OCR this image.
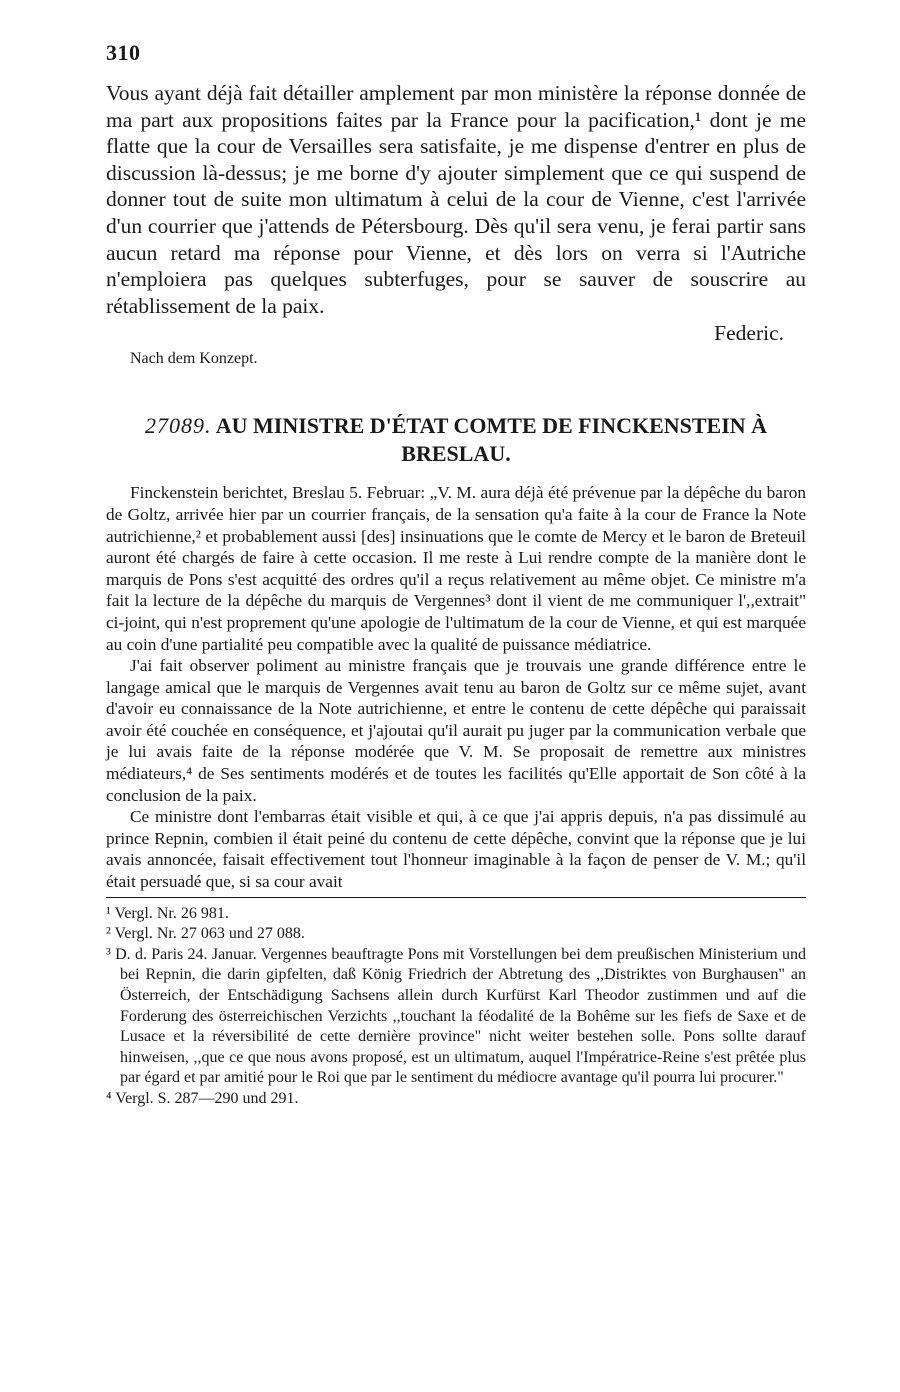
310

Vous ayant déjà fait détailler amplement par mon ministère la réponse donnée de ma part aux propositions faites par la France pour la pacification,¹ dont je me flatte que la cour de Versailles sera satisfaite, je me dispense d'entrer en plus de discussion là-dessus; je me borne d'y ajouter simplement que ce qui suspend de donner tout de suite mon ultimatum à celui de la cour de Vienne, c'est l'arrivée d'un courrier que j'attends de Pétersbourg. Dès qu'il sera venu, je ferai partir sans aucun retard ma réponse pour Vienne, et dès lors on verra si l'Autriche n'emploiera pas quelques subterfuges, pour se sauver de souscrire au rétablissement de la paix.

Federic.
Nach dem Konzept.
27089. AU MINISTRE D'ÉTAT COMTE DE FINCKENSTEIN À
BRESLAU.

Finckenstein berichtet, Breslau 5. Februar: „V. M. aura déjà été prévenue par la dépêche du baron de Goltz, arrivée hier par un courrier français, de la sensation qu'a faite à la cour de France la Note autrichienne,² et probablement aussi [des] insinuations que le comte de Mercy et le baron de Breteuil auront été chargés de faire à cette occasion. Il me reste à Lui rendre compte de la manière dont le marquis de Pons s'est acquitté des ordres qu'il a reçus relativement au même objet. Ce ministre m'a fait la lecture de la dépêche du marquis de Vergennes³ dont il vient de me communiquer l',,extrait" ci-joint, qui n'est proprement qu'une apologie de l'ultimatum de la cour de Vienne, et qui est marquée au coin d'une partialité peu compatible avec la qualité de puissance médiatrice.

J'ai fait observer poliment au ministre français que je trouvais une grande différence entre le langage amical que le marquis de Vergennes avait tenu au baron de Goltz sur ce même sujet, avant d'avoir eu connaissance de la Note autrichienne, et entre le contenu de cette dépêche qui paraissait avoir été couchée en conséquence, et j'ajoutai qu'il aurait pu juger par la communication verbale que je lui avais faite de la réponse modérée que V. M. Se proposait de remettre aux ministres médiateurs,⁴ de Ses sentiments modérés et de toutes les facilités qu'Elle apportait de Son côté à la conclusion de la paix.

Ce ministre dont l'embarras était visible et qui, à ce que j'ai appris depuis, n'a pas dissimulé au prince Repnin, combien il était peiné du contenu de cette dépêche, convint que la réponse que je lui avais annoncée, faisait effectivement tout l'honneur imaginable à la façon de penser de V. M.; qu'il était persuadé que, si sa cour avait

¹ Vergl. Nr. 26 981.

² Vergl. Nr. 27 063 und 27 088.

³ D. d. Paris 24. Januar. Vergennes beauftragte Pons mit Vorstellungen bei dem preußischen Ministerium und bei Repnin, die darin gipfelten, daß König Friedrich der Abtretung des ,,Distriktes von Burghausen" an Österreich, der Entschädigung Sachsens allein durch Kurfürst Karl Theodor zustimmen und auf die Forderung des österreichischen Verzichts ,,touchant la féodalité de la Bohême sur les fiefs de Saxe et de Lusace et la réversibilité de cette dernière province" nicht weiter bestehen solle. Pons sollte darauf hinweisen, ,,que ce que nous avons proposé, est un ultimatum, auquel l'Impératrice-Reine s'est prêtée plus par égard et par amitié pour le Roi que par le sentiment du médiocre avantage qu'il pourra lui procurer."

⁴ Vergl. S. 287—290 und 291.
